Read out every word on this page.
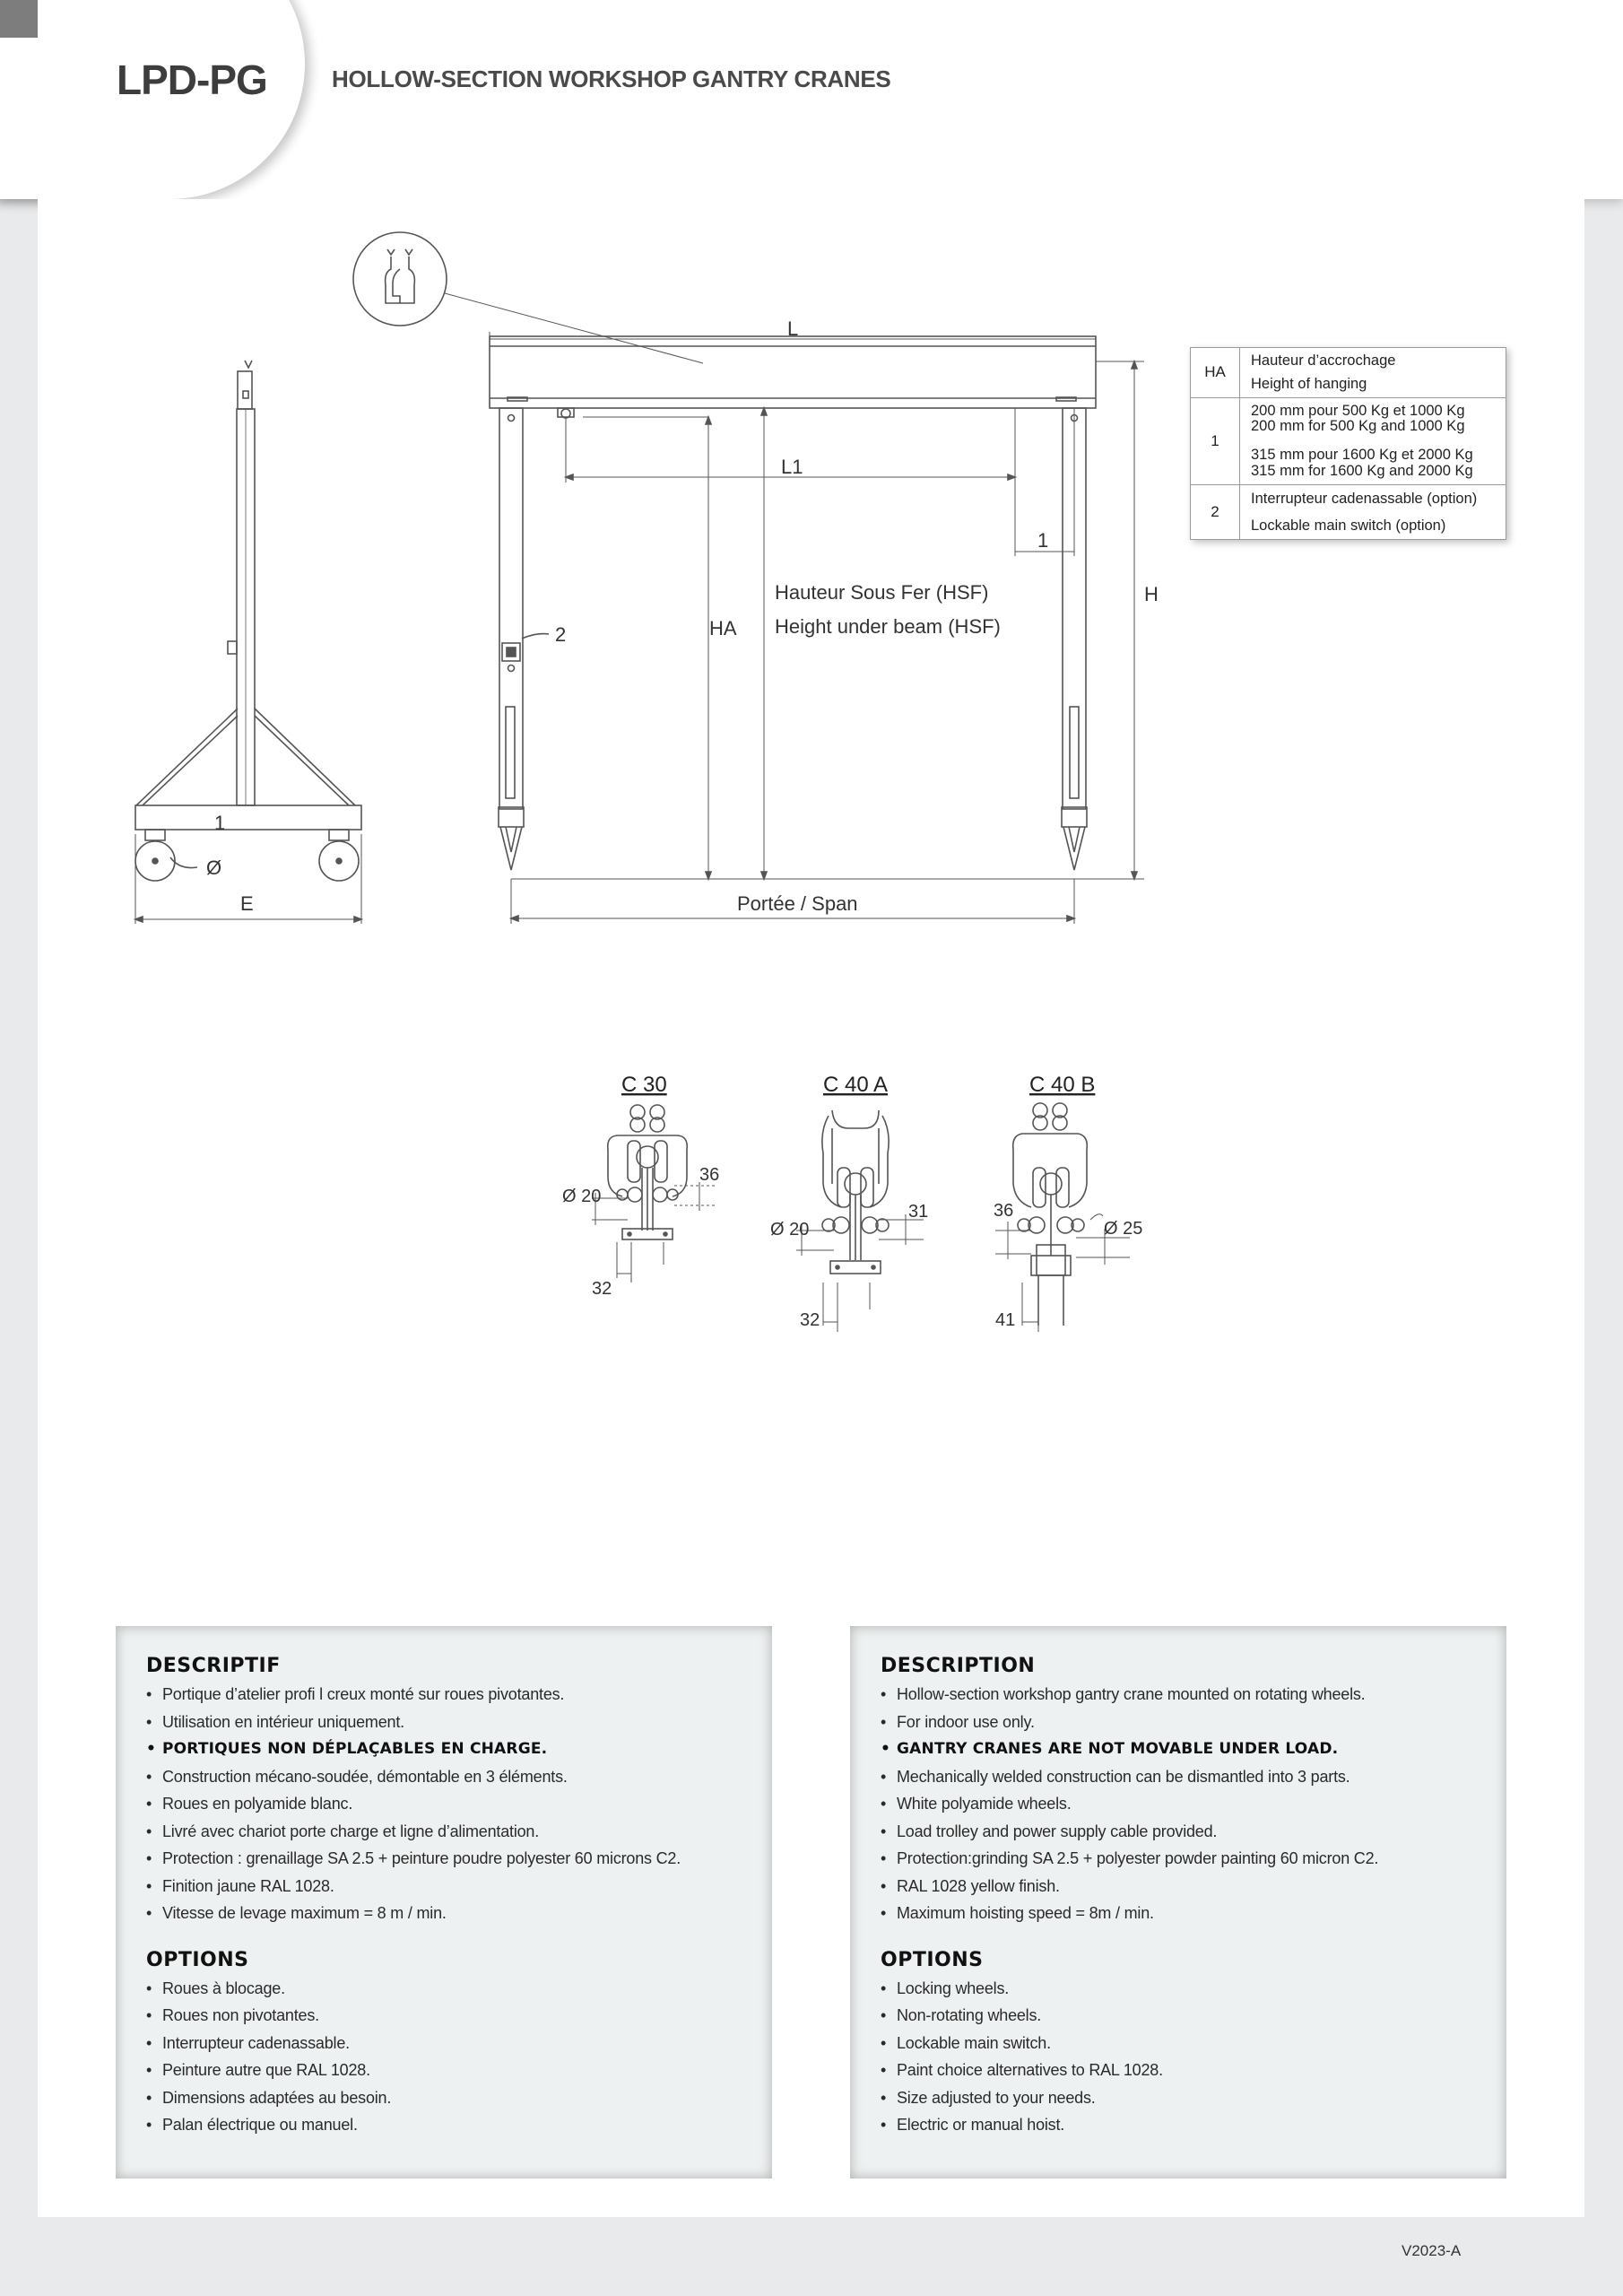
LPD-PG	HOLLOW-SECTION WORKSHOP GANTRY CRANES
L
L1
1
H
HA
Hauteur Sous Fer (HSF)
Height under beam (HSF)
2
1
Ø
E	Portée / Span
C 30	C 40 A	C 40 B
Ø 20
36
32
Ø 20
31
32
36
Ø 25
41
HA	Hauteur d’accrochage
Height of hanging

1	200 mm pour 500 Kg et 1000 Kg
200 mm for 500 Kg and 1000 Kg
315 mm pour 1600 Kg et 2000 Kg
315 mm for 1600 Kg and 2000 Kg

2	Interrupteur cadenassable (option)
Lockable main switch (option)
DESCRIPTIF
• Portique d’atelier profi l creux monté sur roues pivotantes.
• Utilisation en intérieur uniquement.
• PORTIQUES NON DÉPLAÇABLES EN CHARGE.
• Construction mécano-soudée, démontable en 3 éléments.
• Roues en polyamide blanc.
• Livré avec chariot porte charge et ligne d’alimentation.
• Protection : grenaillage SA 2.5 + peinture poudre polyester 60 microns C2.
• Finition jaune RAL 1028.
• Vitesse de levage maximum = 8 m / min.
OPTIONS
• Roues à blocage.
• Roues non pivotantes.
• Interrupteur cadenassable.
• Peinture autre que RAL 1028.
• Dimensions adaptées au besoin.
• Palan électrique ou manuel.
DESCRIPTION
• Hollow-section workshop gantry crane mounted on rotating wheels.
• For indoor use only.
• GANTRY CRANES ARE NOT MOVABLE UNDER LOAD.
• Mechanically welded construction can be dismantled into 3 parts.
• White polyamide wheels.
• Load trolley and power supply cable provided.
• Protection:grinding SA 2.5 + polyester powder painting 60 micron C2.
• RAL 1028 yellow finish.
• Maximum hoisting speed = 8m / min.
OPTIONS
• Locking wheels.
• Non-rotating wheels.
• Lockable main switch.
• Paint choice alternatives to RAL 1028.
• Size adjusted to your needs.
• Electric or manual hoist.
V2023-A
